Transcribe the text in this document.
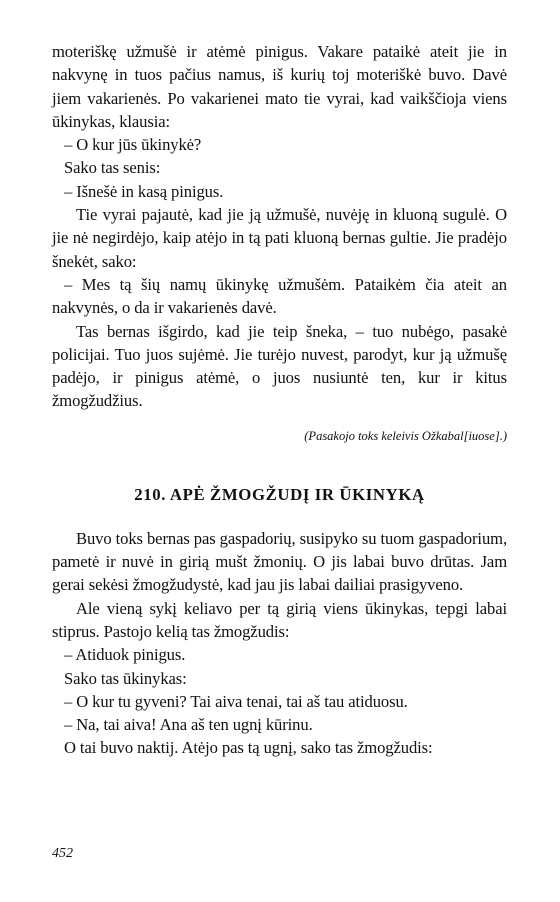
moteriškę užmušė ir atėmė pinigus. Vakare pataikė ateit jie in nakvynę in tuos pačius namus, iš kurių toj moteriškė buvo. Davė jiem vakarienės. Po vakarienei mato tie vyrai, kad vaikščioja viens ūkinykas, klausia:

– O kur jūs ūkinykė?

Sako tas senis:

– Išnešė in kasą pinigus.

Tie vyrai pajautė, kad jie ją užmušė, nuvėję in kluoną sugulė. O jie nė negirdėjo, kaip atėjo in tą pati kluoną bernas gultie. Jie pradėjo šnekėt, sako:

– Mes tą šių namų ūkinykę užmušėm. Pataikėm čia ateit an nakvynės, o da ir vakarienės davė.

Tas bernas išgirdo, kad jie teip šneka, – tuo nubėgo, pasakė policijai. Tuo juos sujėmė. Jie turėjo nuvest, parodyt, kur ją užmušę padėjo, ir pinigus atėmė, o juos nusiuntė ten, kur ir kitus žmogžudžius.

(Pasakojo toks keleivis Ožkabal[iuose].)

210. APĖ ŽMOGŽUDĮ IR ŪKINYKĄ

Buvo toks bernas pas gaspadorių, susipyko su tuom gaspadorium, pametė ir nuvė in girią mušt žmonių. O jis labai buvo drūtas. Jam gerai sekėsi žmogžudystė, kad jau jis labai dailiai prasigyveno.

Ale vieną sykį keliavo per tą girią viens ūkinykas, tepgi labai stiprus. Pastojo kelią tas žmogžudis:

– Atiduok pinigus.

Sako tas ūkinykas:

– O kur tu gyveni? Tai aiva tenai, tai aš tau atiduosu.

– Na, tai aiva! Ana aš ten ugnį kūrinu.

O tai buvo naktij. Atėjo pas tą ugnį, sako tas žmogžudis:

452
